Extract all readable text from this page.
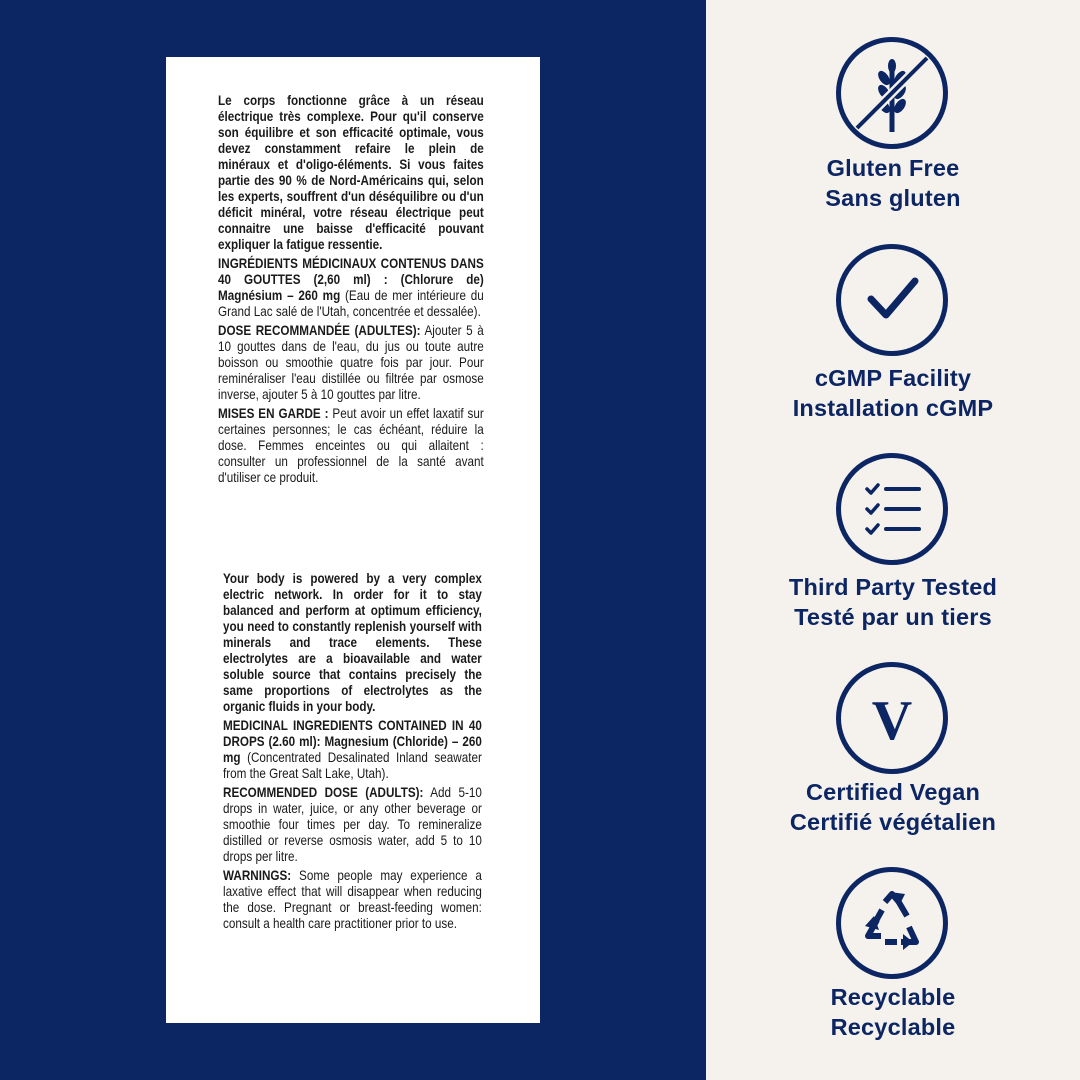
Le corps fonctionne grâce à un réseau électrique très complexe. Pour qu'il conserve son équilibre et son efficacité optimale, vous devez constamment refaire le plein de minéraux et d'oligo-éléments. Si vous faites partie des 90 % de Nord-Américains qui, selon les experts, souffrent d'un déséquilibre ou d'un déficit minéral, votre réseau électrique peut connaitre une baisse d'efficacité pouvant expliquer la fatigue ressentie.

INGRÉDIENTS MÉDICINAUX CONTENUS DANS 40 GOUTTES (2,60 ml) : (Chlorure de) Magnésium – 260 mg (Eau de mer intérieure du Grand Lac salé de l'Utah, concentrée et dessalée).

DOSE RECOMMANDÉE (ADULTES): Ajouter 5 à 10 gouttes dans de l'eau, du jus ou toute autre boisson ou smoothie quatre fois par jour. Pour reminéraliser l'eau distillée ou filtrée par osmose inverse, ajouter 5 à 10 gouttes par litre.

MISES EN GARDE : Peut avoir un effet laxatif sur certaines personnes; le cas échéant, réduire la dose. Femmes enceintes ou qui allaitent : consulter un professionnel de la santé avant d'utiliser ce produit.

Your body is powered by a very complex electric network. In order for it to stay balanced and perform at optimum efficiency, you need to constantly replenish yourself with minerals and trace elements. These electrolytes are a bioavailable and water soluble source that contains precisely the same proportions of electrolytes as the organic fluids in your body.

MEDICINAL INGREDIENTS CONTAINED IN 40 DROPS (2.60 ml): Magnesium (Chloride) – 260 mg (Concentrated Desalinated Inland seawater from the Great Salt Lake, Utah).

RECOMMENDED DOSE (ADULTS): Add 5-10 drops in water, juice, or any other beverage or smoothie four times per day. To remineralize distilled or reverse osmosis water, add 5 to 10 drops per litre.

WARNINGS: Some people may experience a laxative effect that will disappear when reducing the dose. Pregnant or breast-feeding women: consult a health care practitioner prior to use.

Gluten Free
Sans gluten
cGMP Facility
Installation cGMP
Third Party Tested
Testé par un tiers
V
Certified Vegan
Certifié végétalien
Recyclable
Recyclable
